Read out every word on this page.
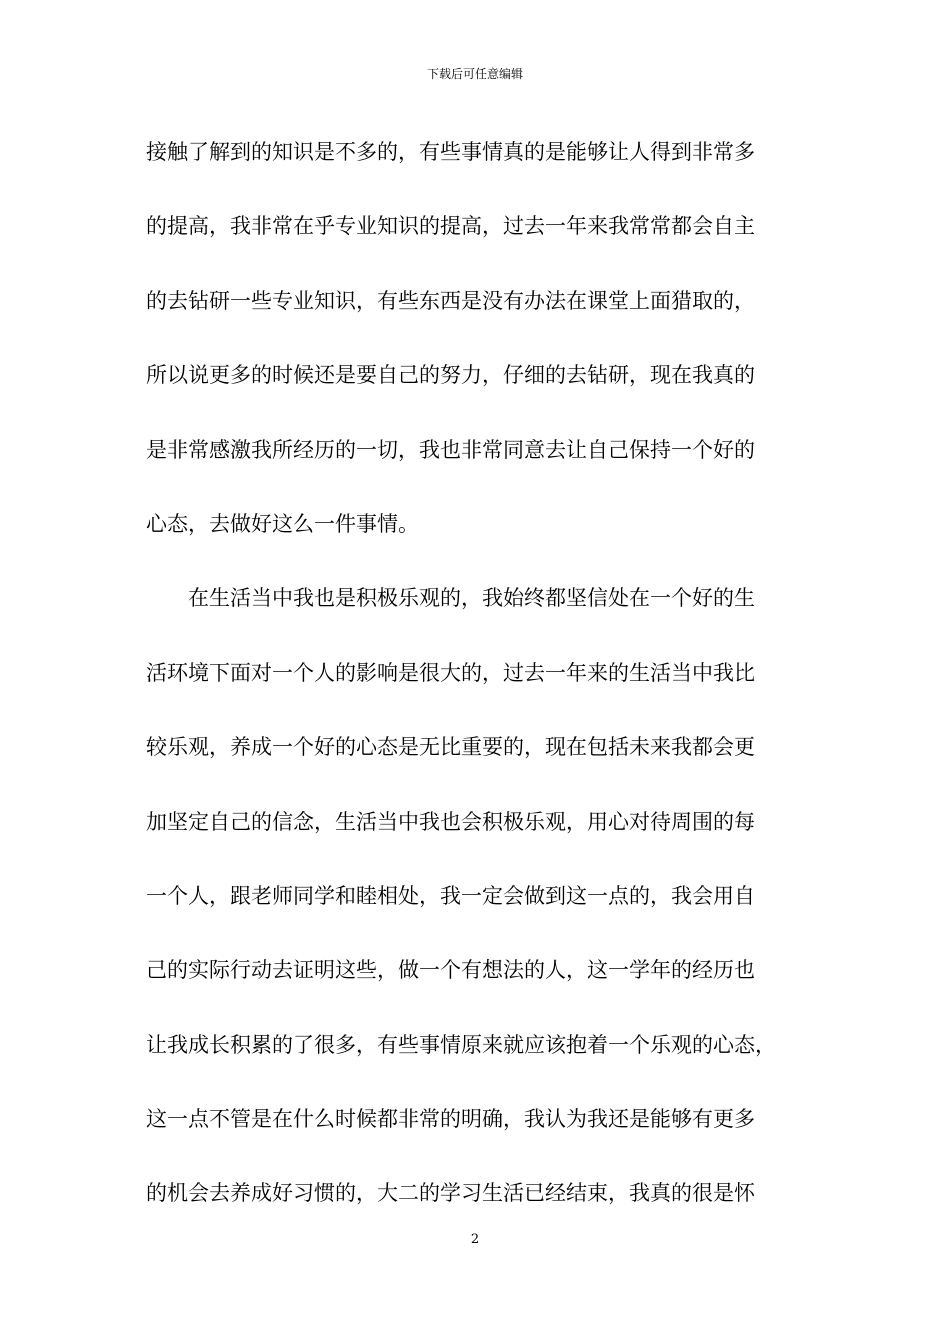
下载后可任意编辑
接触了解到的知识是不多的，有些事情真的是能够让人得到非常多
的提高，我非常在乎专业知识的提高，过去一年来我常常都会自主
的去钻研一些专业知识，有些东西是没有办法在课堂上面猎取的，
所以说更多的时候还是要自己的努力，仔细的去钻研，现在我真的
是非常感激我所经历的一切，我也非常同意去让自己保持一个好的
心态，去做好这么一件事情。
在生活当中我也是积极乐观的，我始终都坚信处在一个好的生
活环境下面对一个人的影响是很大的，过去一年来的生活当中我比
较乐观，养成一个好的心态是无比重要的，现在包括未来我都会更
加坚定自己的信念，生活当中我也会积极乐观，用心对待周围的每
一个人，跟老师同学和睦相处，我一定会做到这一点的，我会用自
己的实际行动去证明这些，做一个有想法的人，这一学年的经历也
让我成长积累的了很多，有些事情原来就应该抱着一个乐观的心态，
这一点不管是在什么时候都非常的明确，我认为我还是能够有更多
的机会去养成好习惯的，大二的学习生活已经结束，我真的很是怀
2
